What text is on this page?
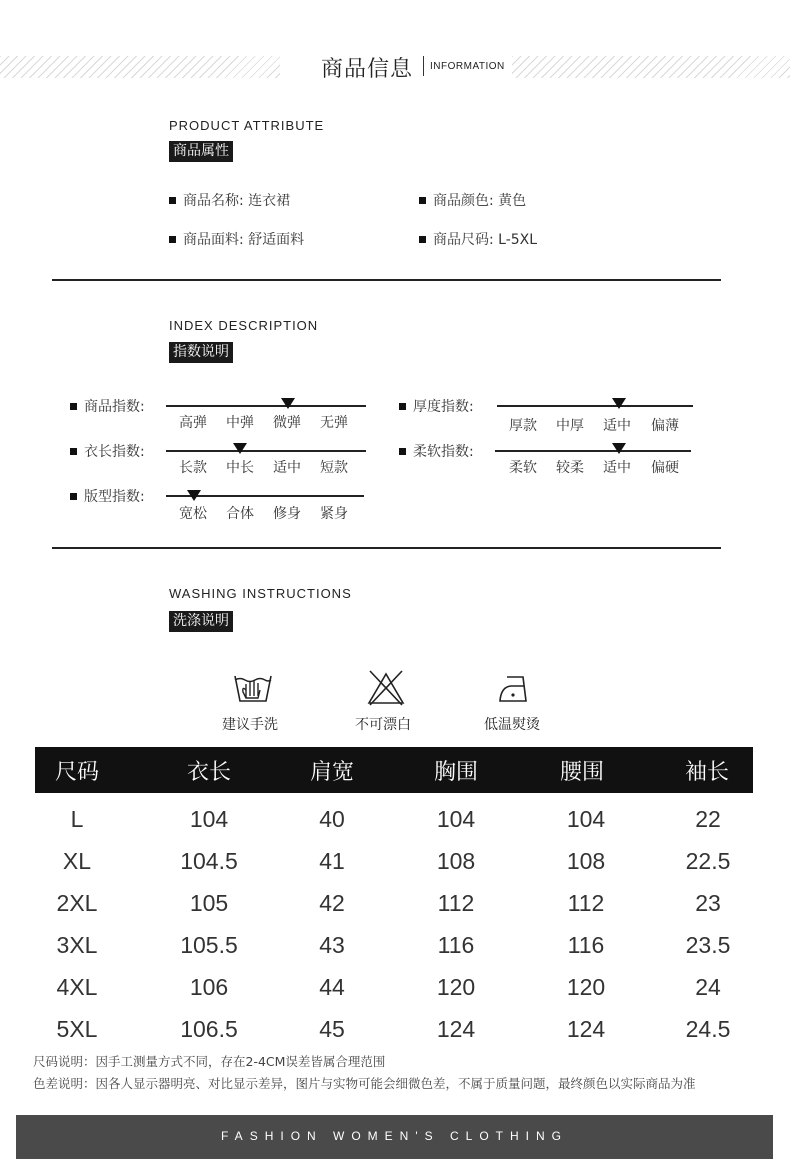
商品信息 INFORMATION
PRODUCT ATTRIBUTE
商品属性
商品名称: 连衣裙	商品颜色: 黄色
商品面料: 舒适面料	商品尺码: L-5XL
INDEX DESCRIPTION
指数说明
商品指数:
高弹 中弹 微弹 无弹
衣长指数:
长款 中长 适中 短款
版型指数:
宽松 合体 修身 紧身
厚度指数:
厚款 中厚 适中 偏薄
柔软指数:
柔软 较柔 适中 偏硬
WASHING INSTRUCTIONS
洗涤说明
建议手洗	不可漂白	低温熨烫
尺码	衣长	肩宽	胸围	腰围	袖长
L	104	40	104	104	22
XL	104.5	41	108	108	22.5
2XL	105	42	112	112	23
3XL	105.5	43	116	116	23.5
4XL	106	44	120	120	24
5XL	106.5	45	124	124	24.5
尺码说明：因手工测量方式不同，存在2-4CM误差皆属合理范围
色差说明：因各人显示器明亮、对比显示差异，图片与实物可能会细微色差，不属于质量问题，最终颜色以实际商品为准
FASHION WOMEN'S CLOTHING
